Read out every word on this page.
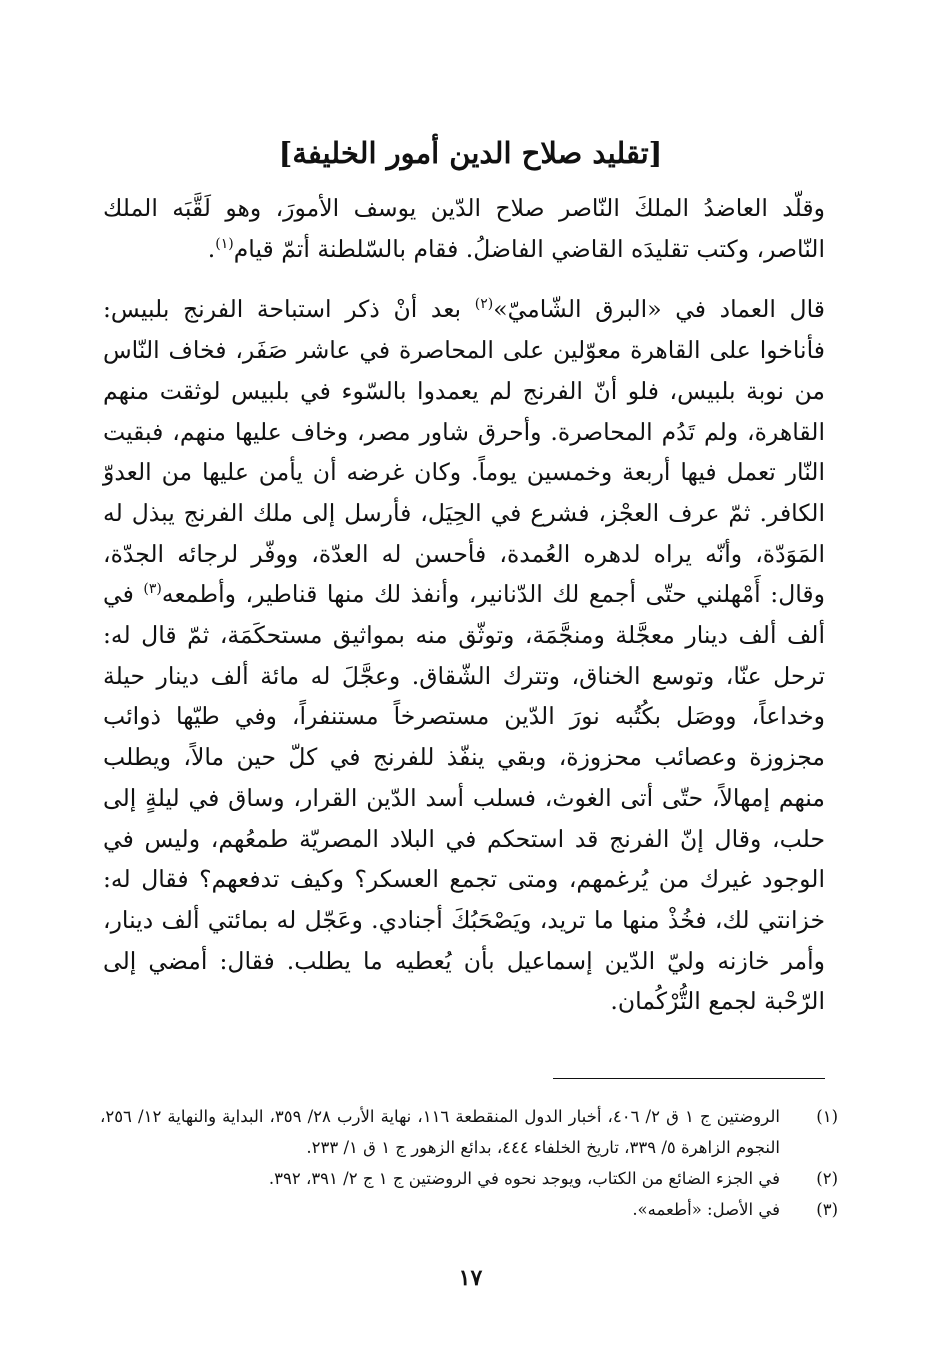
[تقليد صلاح الدين أمور الخليفة]

وقلّد العاضدُ الملكَ النّاصر صلاح الدّين يوسف الأمورَ، وهو لَقَّبَه الملك النّاصر، وكتب تقليدَه القاضي الفاضلُ. فقام بالسّلطنة أتمّ قيام$^{(١)}$.

قال العماد في «البرق الشّاميّ»$^{(٢)}$ بعد أنْ ذكر استباحة الفرنج بلبيس: فأناخوا على القاهرة معوّلين على المحاصرة في عاشر صَفَر، فخاف النّاس من نوبة بلبيس، فلو أنّ الفرنج لم يعمدوا بالسّوء في بلبيس لوثقت منهم القاهرة، ولم تَدُم المحاصرة. وأحرق شاور مصر، وخاف عليها منهم، فبقيت النّار تعمل فيها أربعة وخمسين يوماً. وكان غرضه أن يأمن عليها من العدوّ الكافر. ثمّ عرف العجْز، فشرع في الحِيَل، فأرسل إلى ملك الفرنج يبذل له المَوَدّة، وأنّه يراه لدهره العُمدة، فأحسن له العدّة، ووفّر لرجائه الجدّة، وقال: أَمْهلني حتّى أجمع لك الدّنانير، وأنفذ لك منها قناطير، وأطمعه$^{(٣)}$ في ألف ألف دينار معجَّلة ومنجَّمَة، وتوثّق منه بمواثيق مستحكَمَة، ثمّ قال له: ترحل عنّا، وتوسع الخناق، وتترك الشّقاق. وعجَّلَ له مائة ألف دينار حيلة وخداعاً، ووصَل بكُتُبه نورَ الدّين مستصرخاً مستنفراً، وفي طيّها ذوائب مجزوزة وعصائب محزوزة، وبقي ينفّذ للفرنج في كلّ حين مالاً، ويطلب منهم إمهالاً، حتّى أتى الغوث، فسلب أسد الدّين القرار، وساق في ليلةٍ إلى حلب، وقال إنّ الفرنج قد استحكم في البلاد المصريّة طمعُهم، وليس في الوجود غيرك من يُرغمهم، ومتى تجمع العسكر؟ وكيف تدفعهم؟ فقال له: خزانتي لك، فخُذْ منها ما تريد، ويَصْحَبُكَ أجنادي. وعَجّل له بمائتي ألف دينار، وأمر خازنه وليّ الدّين إسماعيل بأن يُعطيه ما يطلب. فقال: أمضي إلى الرّحْبة لجمع التُّرْكُمان.

(١)
الروضتين ج ١ ق ٢/ ٤٠٦، أخبار الدول المنقطعة ١١٦، نهاية الأرب ٢٨/ ٣٥٩، البداية والنهاية ١٢/ ٢٥٦، النجوم الزاهرة ٥/ ٣٣٩، تاريخ الخلفاء ٤٤٤، بدائع الزهور ج ١ ق ١/ ٢٣٣.
(٢)
في الجزء الضائع من الكتاب، ويوجد نحوه في الروضتين ج ١ ج ٢/ ٣٩١، ٣٩٢.
(٣)
في الأصل: «أطعمه».

١٧
